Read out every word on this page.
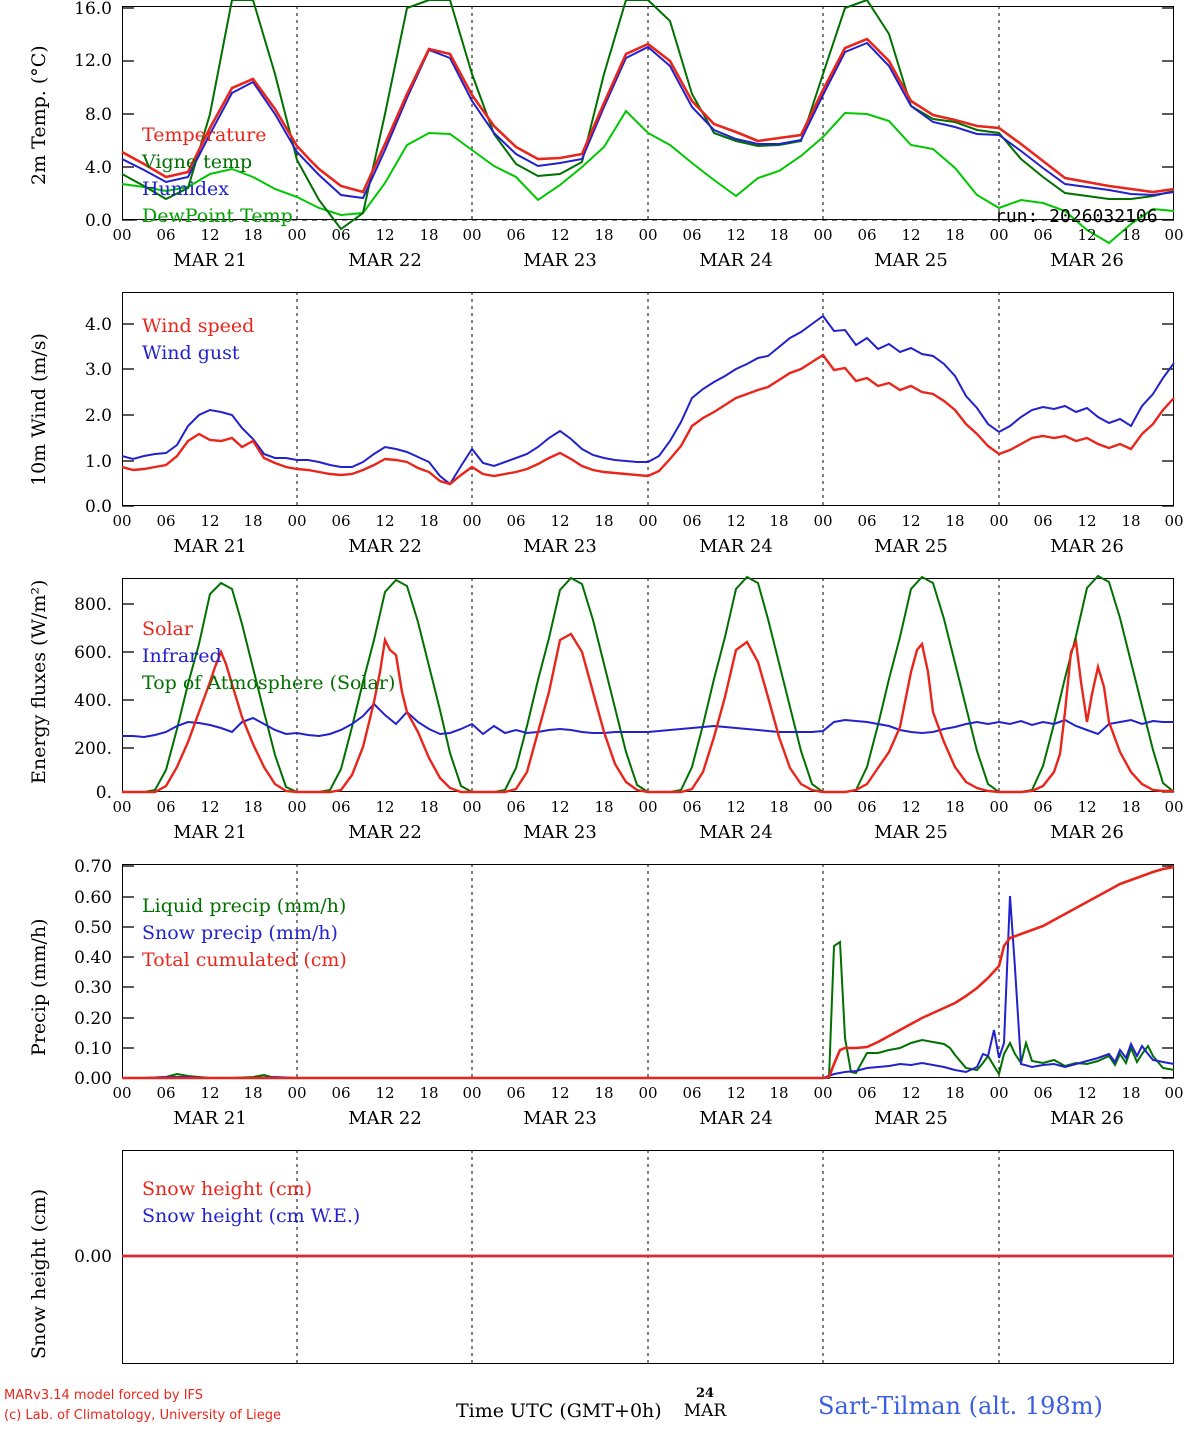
2m Temp. (°C)
0.0
4.0
8.0
12.0
16.0
Temperature
Vigne temp
Humidex
DewPoint Temp	run: 2026032106
00 06 12 18 00 06 12 18 00 06 12 18 00 06 12 18 00 06 12 18 00 06 12 18 00
MAR 21	MAR 22	MAR 23	MAR 24	MAR 25	MAR 26
10m Wind (m/s)
0.0
1.0
2.0
3.0
4.0 Wind speed
Wind gust
00 06 12 18 00 06 12 18 00 06 12 18 00 06 12 18 00 06 12 18 00 06 12 18 00
MAR 21	MAR 22	MAR 23	MAR 24	MAR 25	MAR 26
Energy fluxes (W/m²)
0.
200.
400.
600.
800.
Solar
Infrared
Top of Atmosphere (Solar)
00 06 12 18 00 06 12 18 00 06 12 18 00 06 12 18 00 06 12 18 00 06 12 18 00
MAR 21	MAR 22	MAR 23	MAR 24	MAR 25	MAR 26
Precip (mm/h)
0.00
0.10
0.20
0.30
0.40
0.50
0.60
0.70
Liquid precip (mm/h)
Snow precip (mm/h)
Total cumulated (cm)
00 06 12 18 00 06 12 18 00 06 12 18 00 06 12 18 00 06 12 18 00 06 12 18 00
MAR 21	MAR 22	MAR 23	MAR 24	MAR 25	MAR 26
Snow height (cm) 0.00
Snow height (cm)
Snow height (cm W.E.)
MARv3.14 model forced by IFS
(c) Lab. of Climatology, University of Liege	Time UTC (GMT+0h)
24
MAR	Sart-Tilman (alt. 198m)
